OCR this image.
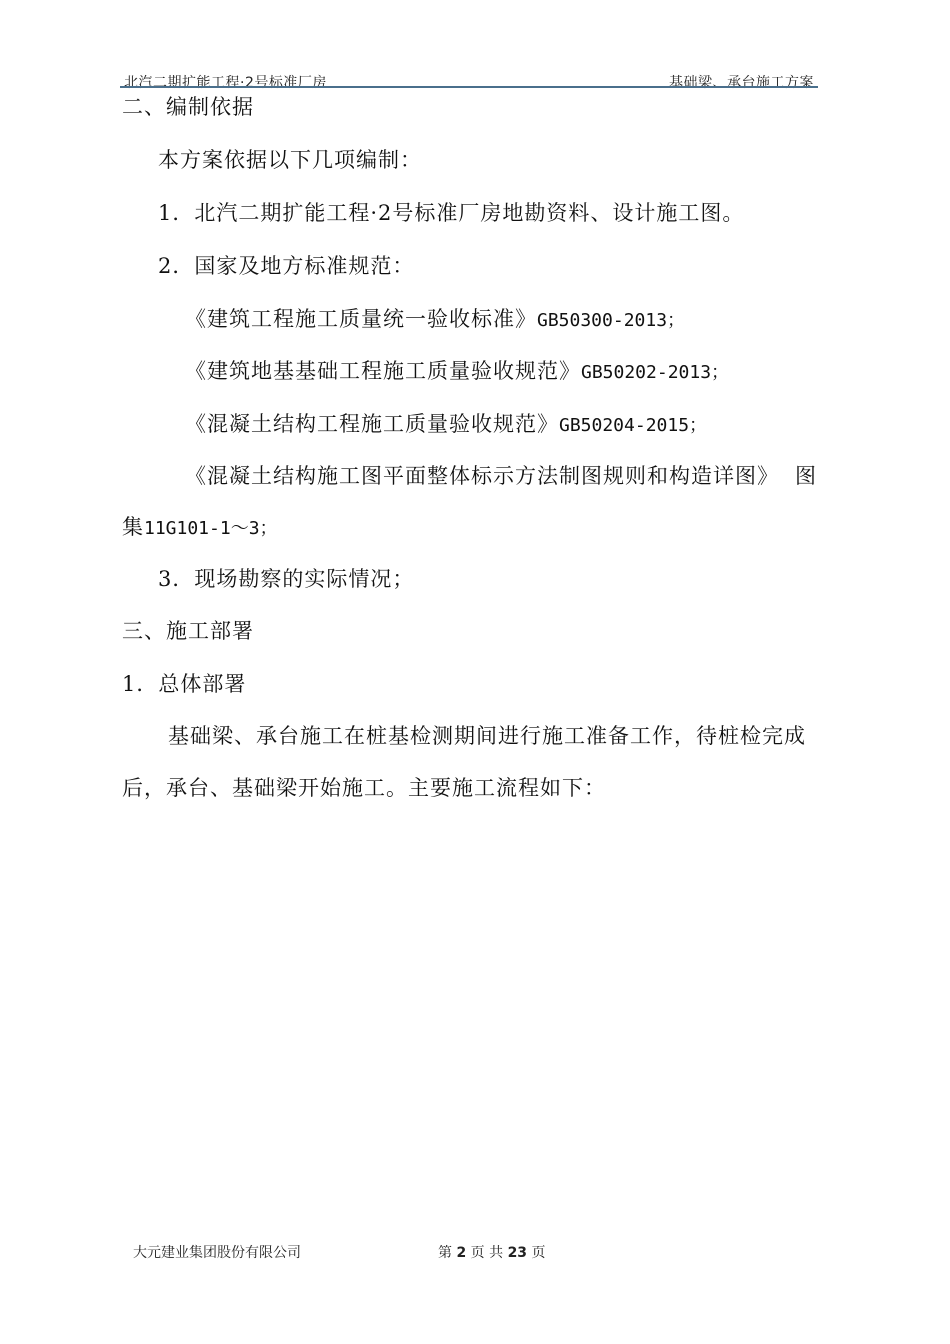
北汽二期扩能工程·2号标准厂房	基础梁、承台施工方案
二、编制依据
本方案依据以下几项编制：
1．北汽二期扩能工程·2号标准厂房地勘资料、设计施工图。
2．国家及地方标准规范：
《建筑工程施工质量统一验收标准》GB50300-2013；
《建筑地基基础工程施工质量验收规范》GB50202-2013；
《混凝土结构工程施工质量验收规范》GB50204-2015；
《混凝土结构施工图平面整体标示方法制图规则和构造详图》 图
集11G101-1～3；
3．现场勘察的实际情况；
三、施工部署
1．总体部署
基础梁、承台施工在桩基检测期间进行施工准备工作，待桩检完成
后，承台、基础梁开始施工。主要施工流程如下：
大元建业集团股份有限公司	第 2 页 共 23 页
